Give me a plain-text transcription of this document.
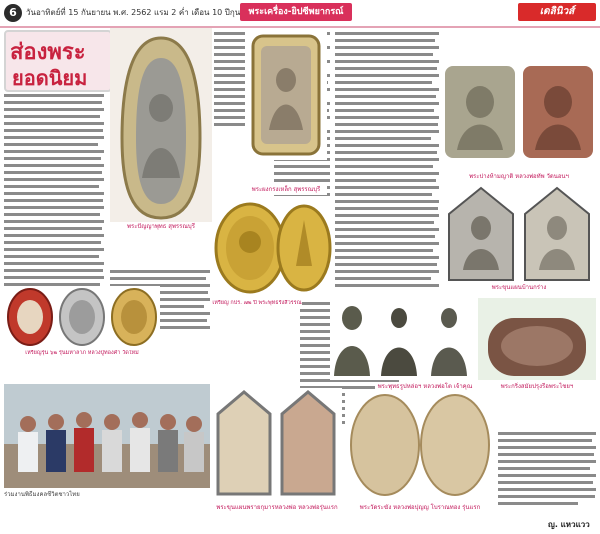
6	วันอาทิตย์ที่ 15 กันยายน พ.ศ. 2562 แรม 2 ค่ำ เดือน 10 ปีกุน พระเครื่อง-ยิปซีพยากรณ์	เดลินิวส์
ส่องพระ
ยอดนิยม
พระปัญญาพุทธ สุพรรณบุรี
พระผงกรงเหล็ก สุพรรณบุรี
เหรียญ กปร. ๗๒ ปี พระพุทธรังสีวรรณ
พระปางห้ามญาติ หลวงพ่อทัพ วัดนอนฯ
พระขุนแผนบ้านกร่าง
เหรียญรุ่น ๖๒ รุ่นมหาลาภ หลวงปู่ทองคำ วัดใหม่
พระพุทธรูปหล่อฯ หลวงพ่อโต เจ้าคุณ	พระกริ่งสมัยปรุงรีอพระไชยฯ
ร่วมงานพิธีมงคลชีวิตชาวไทย
พระขุนแผนพรายกุมารหลวงพ่อ หลวงพ่อรุ่นแรก	พระวัดระฆัง หลวงพ่อปุญญ โบราณทอง รุ่นแรก
ญ. แหวแวว
